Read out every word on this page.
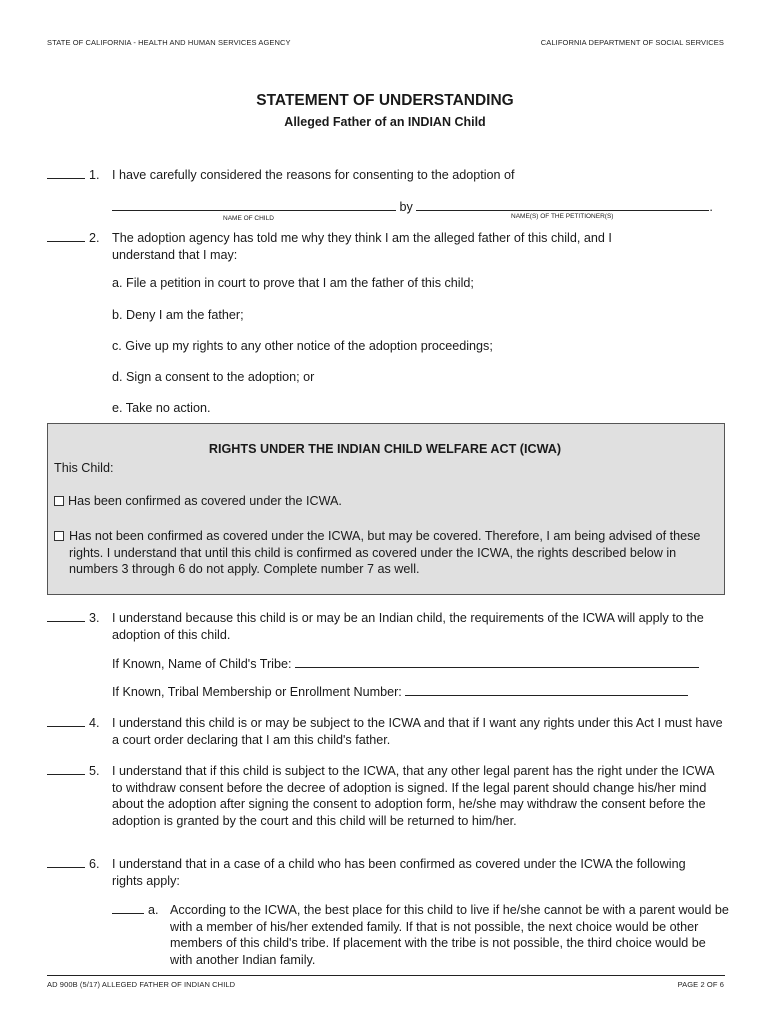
STATE OF CALIFORNIA - HEALTH AND HUMAN SERVICES AGENCY	CALIFORNIA DEPARTMENT OF SOCIAL SERVICES
STATEMENT OF UNDERSTANDING
Alleged Father of an INDIAN Child
1. I have carefully considered the reasons for consenting to the adoption of
by	.
NAME OF CHILD	NAME(S) OF THE PETITIONER(S)
2. The adoption agency has told me why they think I am the alleged father of this child, and I understand that I may:
a. File a petition in court to prove that I am the father of this child;
b. Deny I am the father;
c. Give up my rights to any other notice of the adoption proceedings;
d. Sign a consent to the adoption; or
e. Take no action.
RIGHTS UNDER THE INDIAN CHILD WELFARE ACT (ICWA)
This Child:
Has been confirmed as covered under the ICWA.
Has not been confirmed as covered under the ICWA, but may be covered. Therefore, I am being advised of these rights. I understand that until this child is confirmed as covered under the ICWA, the rights described below in numbers 3 through 6 do not apply. Complete number 7 as well.
3. I understand because this child is or may be an Indian child, the requirements of the ICWA will apply to the adoption of this child.
If Known, Name of Child's Tribe:
If Known, Tribal Membership or Enrollment Number:
4. I understand this child is or may be subject to the ICWA and that if I want any rights under this Act I must have a court order declaring that I am this child's father.
5. I understand that if this child is subject to the ICWA, that any other legal parent has the right under the ICWA to withdraw consent before the decree of adoption is signed. If the legal parent should change his/her mind about the adoption after signing the consent to adoption form, he/she may withdraw the consent before the adoption is granted by the court and this child will be returned to him/her.
6. I understand that in a case of a child who has been confirmed as covered under the ICWA the following rights apply:
a. According to the ICWA, the best place for this child to live if he/she cannot be with a parent would be with a member of his/her extended family. If that is not possible, the next choice would be other members of this child's tribe. If placement with the tribe is not possible, the third choice would be with another Indian family.
AD 900B (5/17) ALLEGED FATHER OF INDIAN CHILD	PAGE 2 OF 6
